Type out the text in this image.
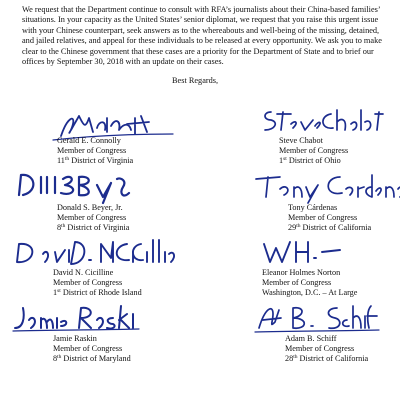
We request that the Department continue to consult with RFA’s journalists about their China-based families’ situations. In your capacity as the United States’ senior diplomat, we request that you raise this urgent issue with your Chinese counterpart, seek answers as to the whereabouts and well-being of the missing, detained, and jailed relatives, and appeal for these individuals to be released at every opportunity. We ask you to make clear to the Chinese government that these cases are a priority for the Department of State and to brief our offices by September 30, 2018 with an update on their cases.

Best Regards,
Gerald E. Connolly
Member of Congress
11th District of Virginia
Steve Chabot
Member of Congress
1st District of Ohio
Donald S. Beyer, Jr.
Member of Congress
8th District of Virginia
Tony Cárdenas
Member of Congress
29th District of California
David N. Cicilline
Member of Congress
1st District of Rhode Island
Eleanor Holmes Norton
Member of Congress
Washington, D.C. – At Large
Jamie Raskin
Member of Congress
8th District of Maryland
Adam B. Schiff
Member of Congress
28th District of California
